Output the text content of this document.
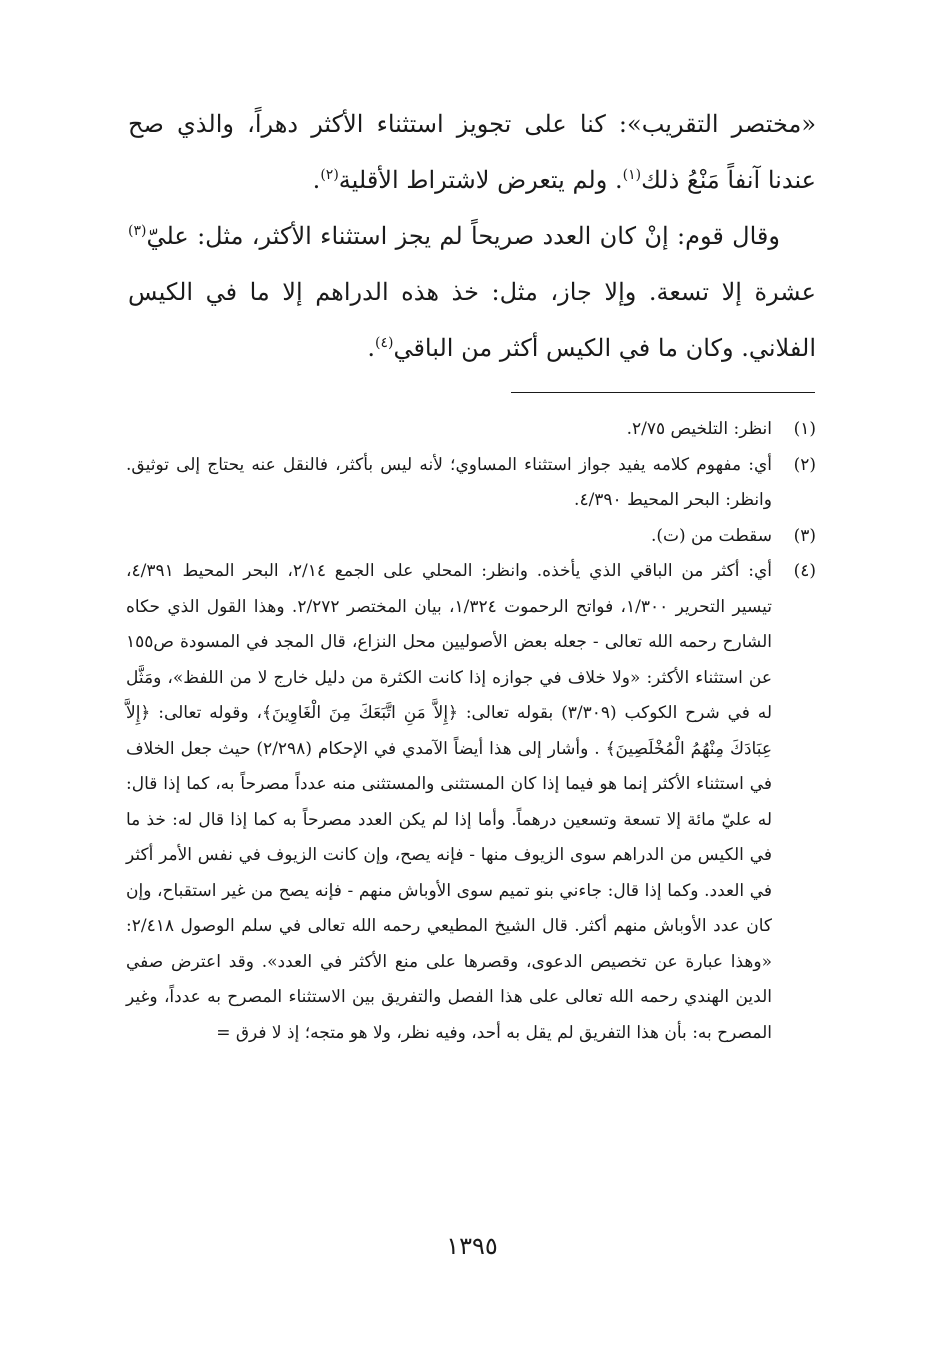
«مختصر التقريب»: كنا على تجويز استثناء الأكثر دهراً، والذي صح عندنا آنفاً مَنْعُ ذلك$^{(١)}$. ولم يتعرض لاشتراط الأقلية$^{(٢)}$.

وقال قوم: إنْ كان العدد صريحاً لم يجز استثناء الأكثر، مثل: عليّ$^{(٣)}$ عشرة إلا تسعة. وإلا جاز، مثل: خذ هذه الدراهم إلا ما في الكيس الفلاني. وكان ما في الكيس أكثر من الباقي$^{(٤)}$.

(١)
انظر: التلخيص ٢/٧٥.
(٢)
أي: مفهوم كلامه يفيد جواز استثناء المساوي؛ لأنه ليس بأكثر، فالنقل عنه يحتاج إلى توثيق. وانظر: البحر المحيط ٤/٣٩٠.
(٣)
سقطت من (ت).
(٤)
أي: أكثر من الباقي الذي يأخذه. وانظر: المحلي على الجمع ٢/١٤، البحر المحيط ٤/٣٩١، تيسير التحرير ١/٣٠٠، فواتح الرحموت ١/٣٢٤، بيان المختصر ٢/٢٧٢. وهذا القول الذي حكاه الشارح رحمه الله تعالى - جعله بعض الأصوليين محل النزاع، قال المجد في المسودة ص١٥٥ عن استثناء الأكثر: «ولا خلاف في جوازه إذا كانت الكثرة من دليل خارج لا من اللفظ»، ومَثَّل له في شرح الكوكب (٣/٣٠٩) بقوله تعالى: ﴿إِلاَّ مَنِ اتَّبَعَكَ مِنَ الْغَاوِينَ﴾، وقوله تعالى: ﴿إِلاَّ عِبَادَكَ مِنْهُمُ الْمُخْلَصِينَ﴾ . وأشار إلى هذا أيضاً الآمدي في الإحكام (٢/٢٩٨) حيث جعل الخلاف في استثناء الأكثر إنما هو فيما إذا كان المستثنى والمستثنى منه عدداً مصرحاً به، كما إذا قال: له عليّ مائة إلا تسعة وتسعين درهماً. وأما إذا لم يكن العدد مصرحاً به كما إذا قال له: خذ ما في الكيس من الدراهم سوى الزيوف منها - فإنه يصح، وإن كانت الزيوف في نفس الأمر أكثر في العدد. وكما إذا قال: جاءني بنو تميم سوى الأوباش منهم - فإنه يصح من غير استقباح، وإن كان عدد الأوباش منهم أكثر. قال الشيخ المطيعي رحمه الله تعالى في سلم الوصول ٢/٤١٨: «وهذا عبارة عن تخصيص الدعوى، وقصرها على منع الأكثر في العدد». وقد اعترض صفي الدين الهندي رحمه الله تعالى على هذا الفصل والتفريق بين الاستثناء المصرح به عدداً، وغير المصرح به: بأن هذا التفريق لم يقل به أحد، وفيه نظر، ولا هو متجه؛ إذ لا فرق =
١٣٩٥
